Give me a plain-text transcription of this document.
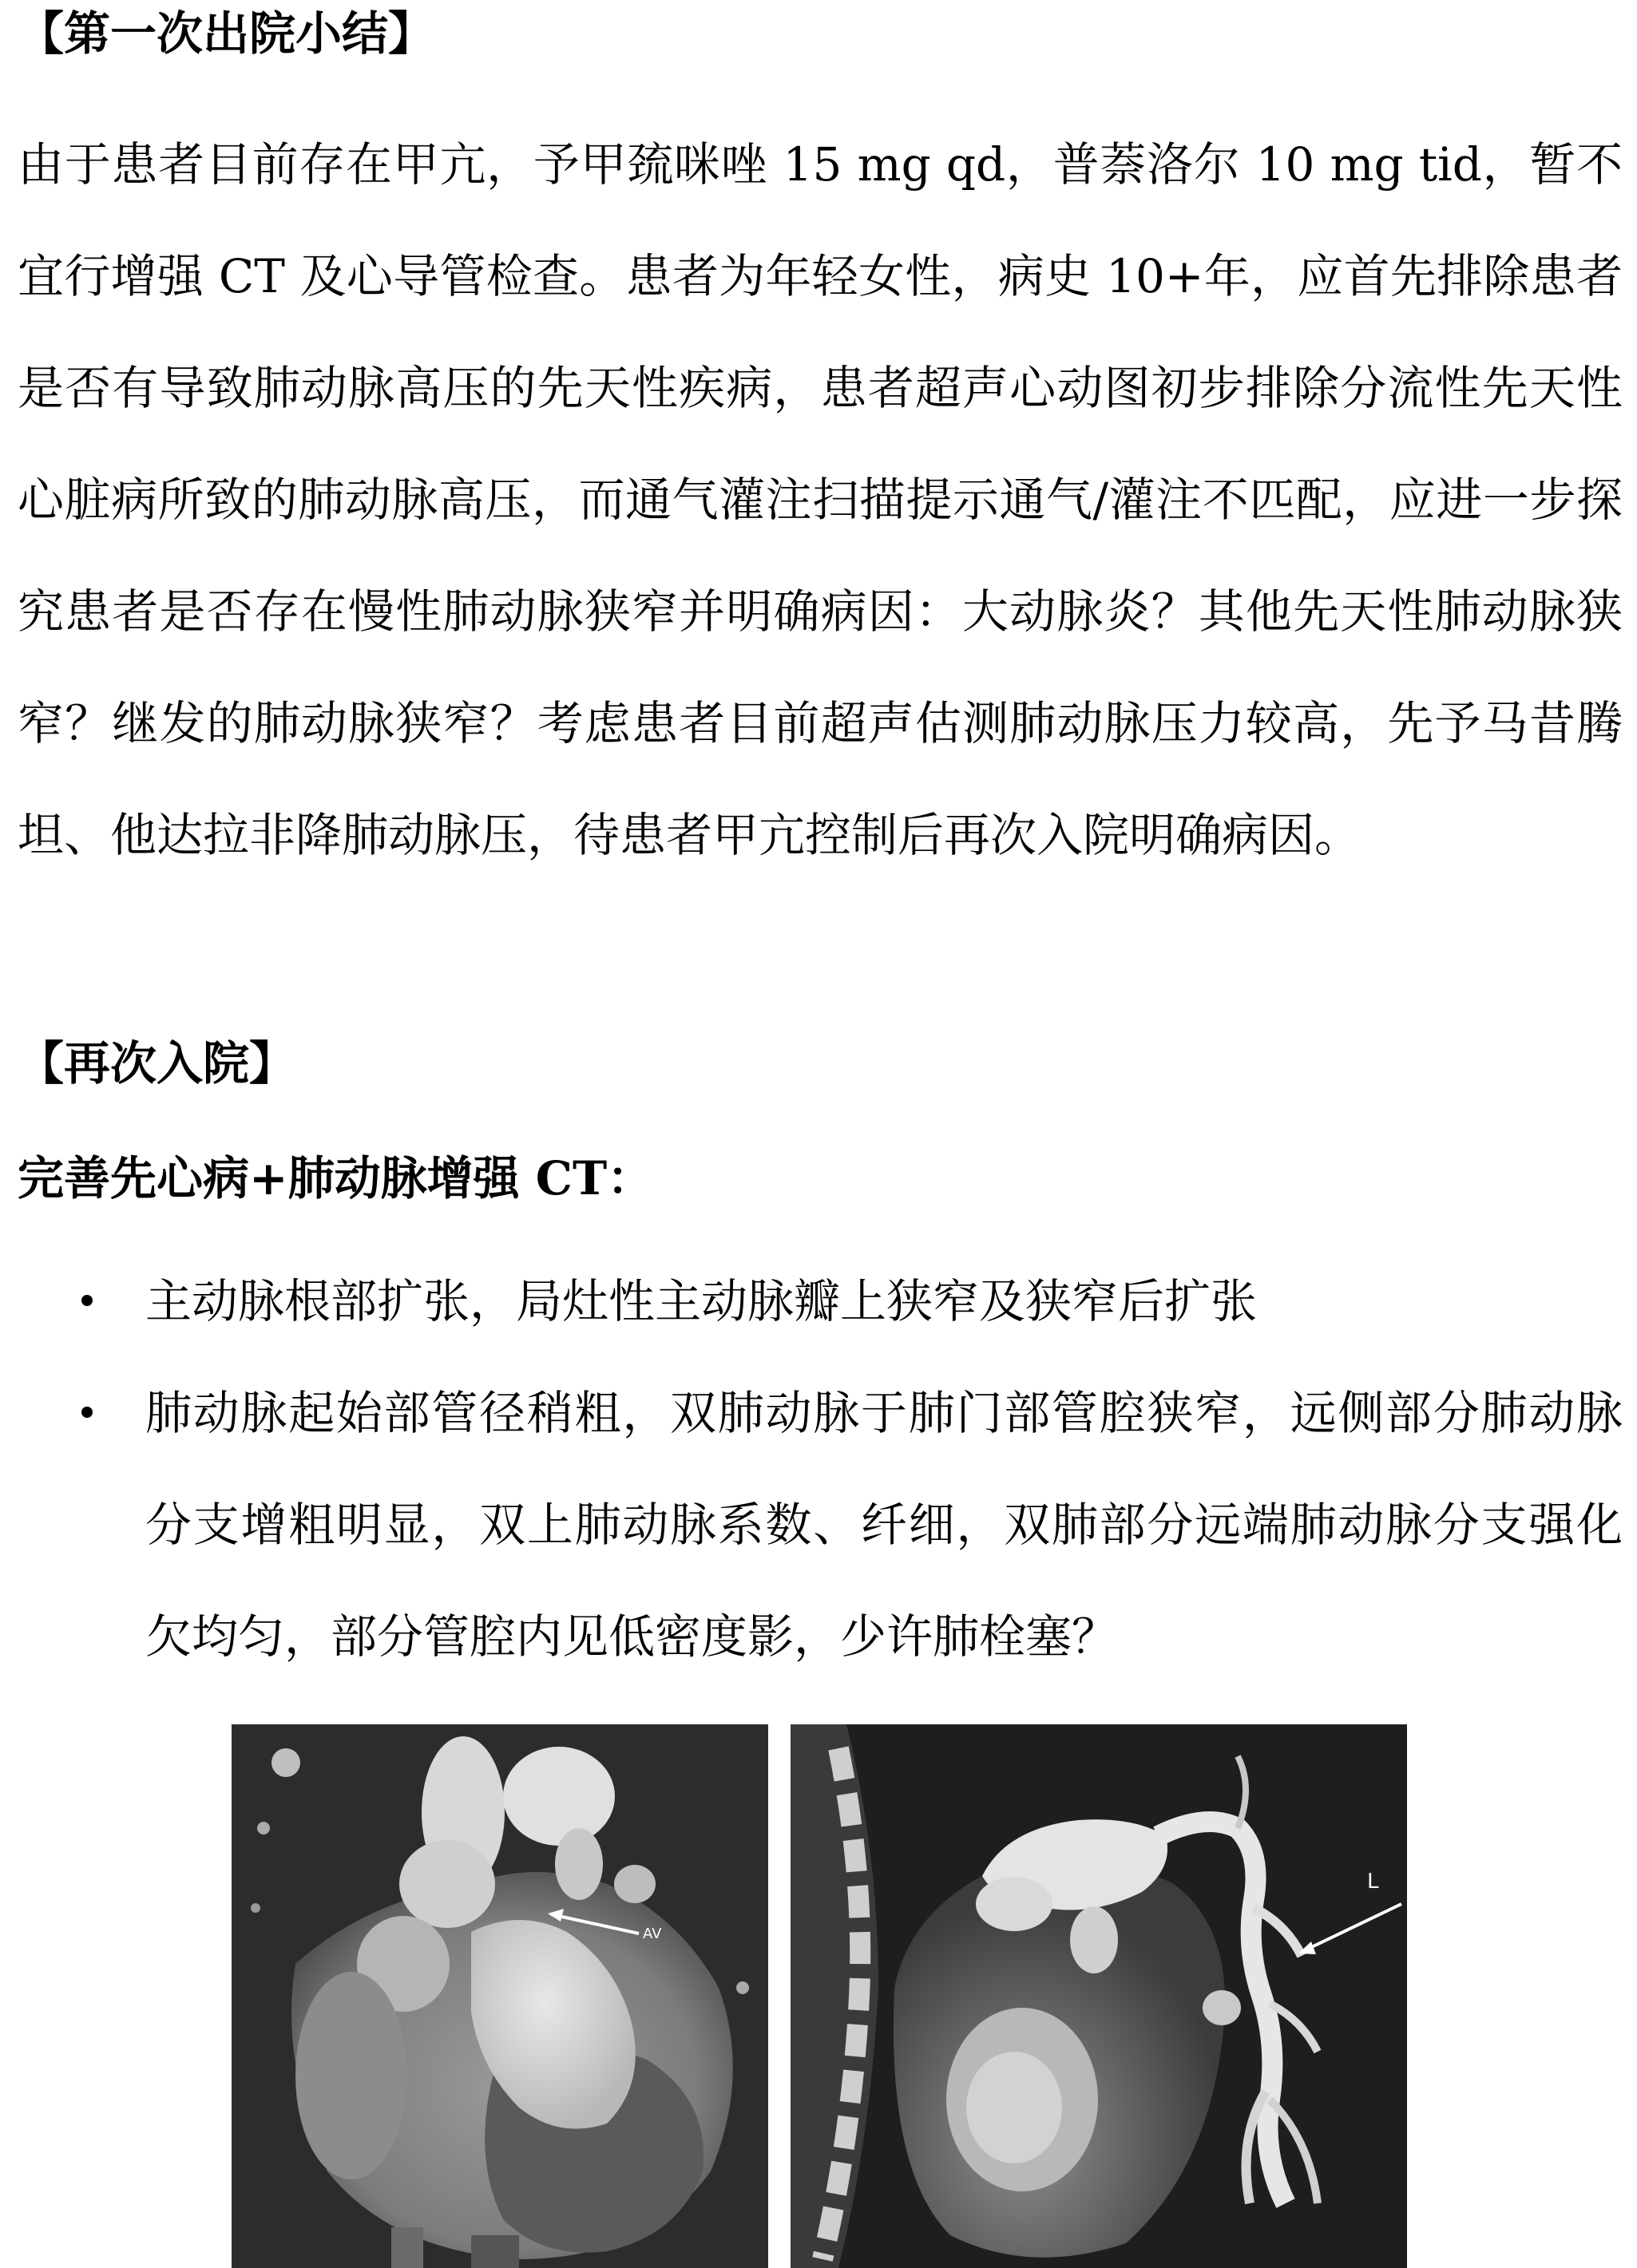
【第一次出院小结】

由于患者目前存在甲亢，予甲巯咪唑 15 mg qd，普萘洛尔 10 mg tid，暂不宜行增强 CT 及心导管检查。患者为年轻女性，病史 10+年，应首先排除患者是否有导致肺动脉高压的先天性疾病，患者超声心动图初步排除分流性先天性心脏病所致的肺动脉高压，而通气灌注扫描提示通气/灌注不匹配，应进一步探究患者是否存在慢性肺动脉狭窄并明确病因：大动脉炎？其他先天性肺动脉狭窄？继发的肺动脉狭窄？考虑患者目前超声估测肺动脉压力较高，先予马昔腾坦、他达拉非降肺动脉压，待患者甲亢控制后再次入院明确病因。

【再次入院】
完善先心病+肺动脉增强 CT：
主动脉根部扩张，局灶性主动脉瓣上狭窄及狭窄后扩张
肺动脉起始部管径稍粗，双肺动脉于肺门部管腔狭窄，远侧部分肺动脉分支增粗明显，双上肺动脉系数、纤细，双肺部分远端肺动脉分支强化欠均匀，部分管腔内见低密度影，少许肺栓塞？
AV
L
